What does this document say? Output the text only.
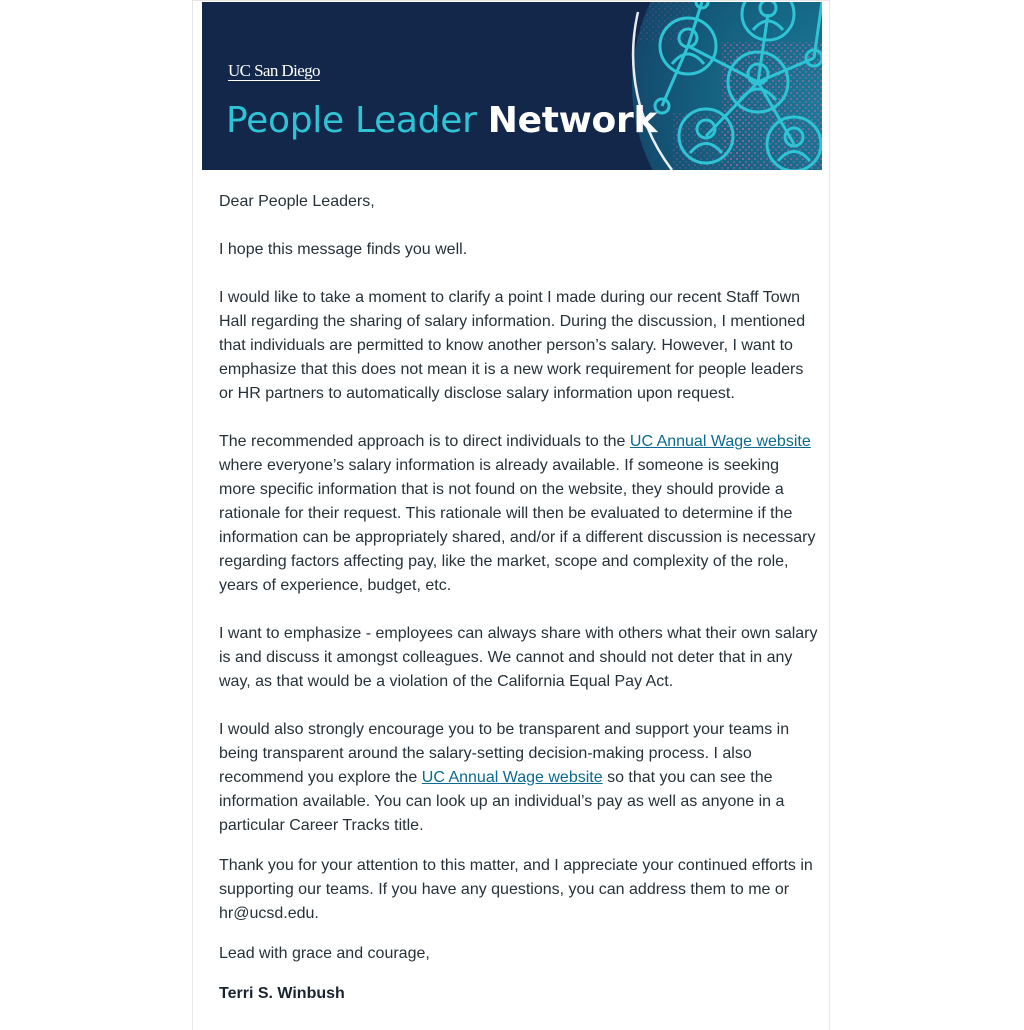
UC San Diego
People Leader Network

Dear People Leaders,

I hope this message finds you well.

I would like to take a moment to clarify a point I made during our recent Staff Town Hall regarding the sharing of salary information. During the discussion, I mentioned that individuals are permitted to know another person’s salary. However, I want to emphasize that this does not mean it is a new work requirement for people leaders or HR partners to automatically disclose salary information upon request.

The recommended approach is to direct individuals to the UC Annual Wage website where everyone’s salary information is already available. If someone is seeking more specific information that is not found on the website, they should provide a rationale for their request. This rationale will then be evaluated to determine if the information can be appropriately shared, and/or if a different discussion is necessary regarding factors affecting pay, like the market, scope and complexity of the role, years of experience, budget, etc.

I want to emphasize - employees can always share with others what their own salary is and discuss it amongst colleagues. We cannot and should not deter that in any way, as that would be a violation of the California Equal Pay Act.

I would also strongly encourage you to be transparent and support your teams in being transparent around the salary-setting decision-making process. I also recommend you explore the UC Annual Wage website so that you can see the information available. You can look up an individual’s pay as well as anyone in a particular Career Tracks title.

Thank you for your attention to this matter, and I appreciate your continued efforts in supporting our teams. If you have any questions, you can address them to me or hr@ucsd.edu.

Lead with grace and courage,

Terri S. Winbush
